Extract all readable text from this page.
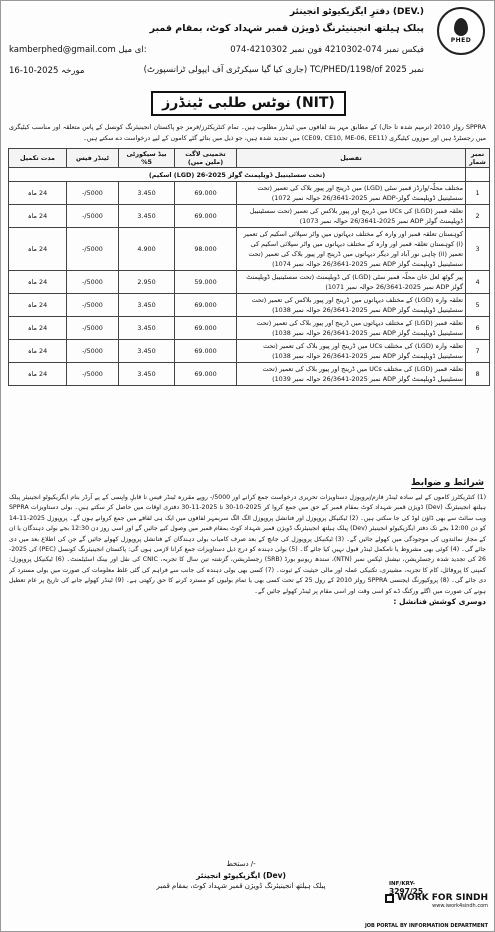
PHED
دفترِ ایگزیکیوٹو انجینئر (DEV.)
پبلک ہیلتھ انجینیئرنگ ڈویژن قمبر شہداد کوٹ، بمقام قمبر
kamberphed@gmail.com ای میل:	074-4210302	فیکس نمبر 074-4210302 فون نمبر
16-10-2025 مورخہ	(جاری کیا گیا سیکرٹری آف ایپولی ٹرانسپورٹ) TC/PHED/1198/of 2025 نمبر
نوٹس طلبی ٹینڈرز (NIT)
SPPRA رولز 2010 (ترمیم شدہ تا حال) کے مطابق مہر بند لفافوں میں ٹینڈرز مطلوب ہیں۔ تمام کنٹریکٹرز/فرمز جو پاکستان انجینیئرنگ کونسل کے پاس متعلقہ اور مناسب کیٹیگری میں رجسٹرڈ ہیں اور موزوں کیٹیگری (CE09, CE10, ME-06, EE11) میں تجدید شدہ ہیں، جو ذیل میں بتائے گئے کاموں کے لیے درخواست دے سکتے ہیں۔
نمبر شمار	تفصیل	تخمینی لاگت (ملین میں)	بیڈ سیکورٹی 5%	ٹینڈر فیس	مدت تکمیل
	(تحت سسٹینیبل ڈویلپمنٹ گولز 2025-26 (LGD) اسکیم)				
1	مختلف محلّہ/وارڈز قمبر سٹی (LGD) میں ڈرینج اور پیور بلاک کی تعمیر (تحت سسٹینیبل ڈویلپمنٹ گولز-ADP نمبر 2025-26/3641 حوالہ نمبر 1072)	69.000	3.450	5000/-	24 ماہ
2	تعلقہ قمبر (LGD) کی UCs میں ڈرینج اور پیور بلاکس کی تعمیر (تحت سسٹینیبل ڈویلپمنٹ گولز ADP نمبر 2025-26/3641 حوالہ نمبر 1073)	69.000	3.450	5000/-	24 ماہ
3	کوہستان تعلقہ قمبر اور وارہ کے مختلف دیہاتوں میں واٹر سپلائی اسکیم کی تعمیر (i) کوہستان تعلقہ قمبر اور وارہ کے مختلف دیہاتوں میں واٹر سپلائی اسکیم کی تعمیر (ii) چاہی نور آباد اور دیگر دیہاتوں میں ڈرینج اور پیور بلاک کی تعمیر (تحت سسٹینیبل ڈویلپمنٹ گولز ADP نمبر 2025-26/3641 حوالہ نمبر 1074)	98.000	4.900	5000/-	24 ماہ
4	پیر گوٹھ لعل خان محلّہ قمبر سٹی (LGD) کی ڈویلپمنٹ (تحت سسٹینیبل ڈویلپمنٹ گولز ADP نمبر 2025-26/3641 حوالہ نمبر 1071)	59.000	2.950	5000/-	24 ماہ
5	تعلقہ وارہ (LGD) کے مختلف دیہاتوں میں ڈرینج اور پیور بلاکس کی تعمیر (تحت سسٹینیبل ڈویلپمنٹ گولز ADP نمبر 2025-26/3641 حوالہ نمبر 1038)	69.000	3.450	5000/-	24 ماہ
6	تعلقہ قمبر (LGD) کے مختلف دیہاتوں میں ڈرینج اور پیور بلاک کی تعمیر (تحت سسٹینیبل ڈویلپمنٹ گولز ADP نمبر 2025-26/3641 حوالہ نمبر 1038)	69.000	3.450	5000/-	24 ماہ
7	تعلقہ وارہ (LGD) کی مختلف UCs میں ڈرینج اور پیور بلاک کی تعمیر (تحت سسٹینیبل ڈویلپمنٹ گولز ADP نمبر 2025-26/3641 حوالہ نمبر 1038)	69.000	3.450	5000/-	24 ماہ
8	تعلقہ قمبر (LGD) کی مختلف UCs میں ڈرینج اور پیور بلاک کی تعمیر (تحت سسٹینیبل ڈویلپمنٹ گولز ADP نمبر 2025-26/3641 حوالہ نمبر 1039)	69.000	3.450	5000/-	24 ماہ
شرائط و ضوابط

(1) کنٹریکٹرز کاموں کے لیے سادہ ٹینڈر فارم/پروپوزل دستاویزات تحریری درخواست جمع کرانے اور 5000/- روپے مقررہ ٹینڈر فیس نا قابلِ واپسی کے پے آرڈر بنام ایگزیکیوٹو انجینیئر پبلک ہیلتھ انجینیئرنگ (Dev) ڈویژن قمبر شہداد کوٹ بمقام قمبر کے حق میں جمع کروا کر 2025-10-30 تا 2025-11-30 دفتری اوقات میں حاصل کر سکتے ہیں۔ بولی دستاویزات SPPRA ویب سائٹ سے بھی ڈاؤن لوڈ کی جا سکتی ہیں۔ (2) ٹیکنیکل پروپوزل اور فنانشل پروپوزل الگ الگ سربمہر لفافوں میں ایک ہی لفافے میں جمع کروانے ہوں گے۔ پروپوزل 2025-11-14 کو دن 12:00 بجے تک دفتر ایگزیکیوٹو انجینیئر (Dev) پبلک ہیلتھ انجینیئرنگ ڈویژن قمبر شہداد کوٹ بمقام قمبر میں وصول کیے جائیں گے اور اسی روز دن 12:30 بجے بولی دہندگان یا ان کے مجاز نمائندوں کی موجودگی میں کھولے جائیں گے۔ (3) ٹیکنیکل پروپوزل کی جانچ کے بعد صرف کامیاب بولی دہندگان کے فنانشل پروپوزل کھولے جائیں گے جن کی اطلاع بعد میں دی جائے گی۔ (4) کوئی بھی مشروط یا نامکمل ٹینڈر قبول نہیں کیا جائے گا۔ (5) بولی دہندہ کو درج ذیل دستاویزات جمع کرانا لازمی ہوں گی: پاکستان انجینیئرنگ کونسل (PEC) کی 2025-26 کی تجدید شدہ رجسٹریشن، نیشنل ٹیکس نمبر (NTN)، سندھ ریونیو بورڈ (SRB) رجسٹریشن، گزشتہ تین سال کا تجربہ، CNIC کی نقل اور بینک اسٹیٹمنٹ۔ (6) ٹیکنیکل پروپوزل: کمپنی کا پروفائل، کام کا تجربہ، مشینری، تکنیکی عملہ اور مالی حیثیت کے ثبوت۔ (7) کسی بھی بولی دہندہ کی جانب سے فراہم کی گئی غلط معلومات کی صورت میں بولی مسترد کر دی جائے گی۔ (8) پروکیورنگ ایجنسی SPPRA رولز 2010 کے رول 25 کے تحت کسی بھی یا تمام بولیوں کو مسترد کرنے کا حق رکھتی ہے۔ (9) ٹینڈر کھولے جانے کی تاریخ پر عام تعطیل ہونے کی صورت میں اگلے ورکنگ ڈے کو اسی وقت اور اسی مقام پر ٹینڈر کھولے جائیں گے۔

دوسری کوشش فنانشل :

دستخط /-
ایگزیکیوٹو انجینئر (Dev)
پبلک ہیلتھ انجینیئرنگ ڈویژن قمبر شہداد کوٹ، بمقام قمبر	INF/KRY-
3297/25
WORK FOR SINDH
www.iwork4sindh.com
JOB PORTAL BY INFORMATION DEPARTMENT
